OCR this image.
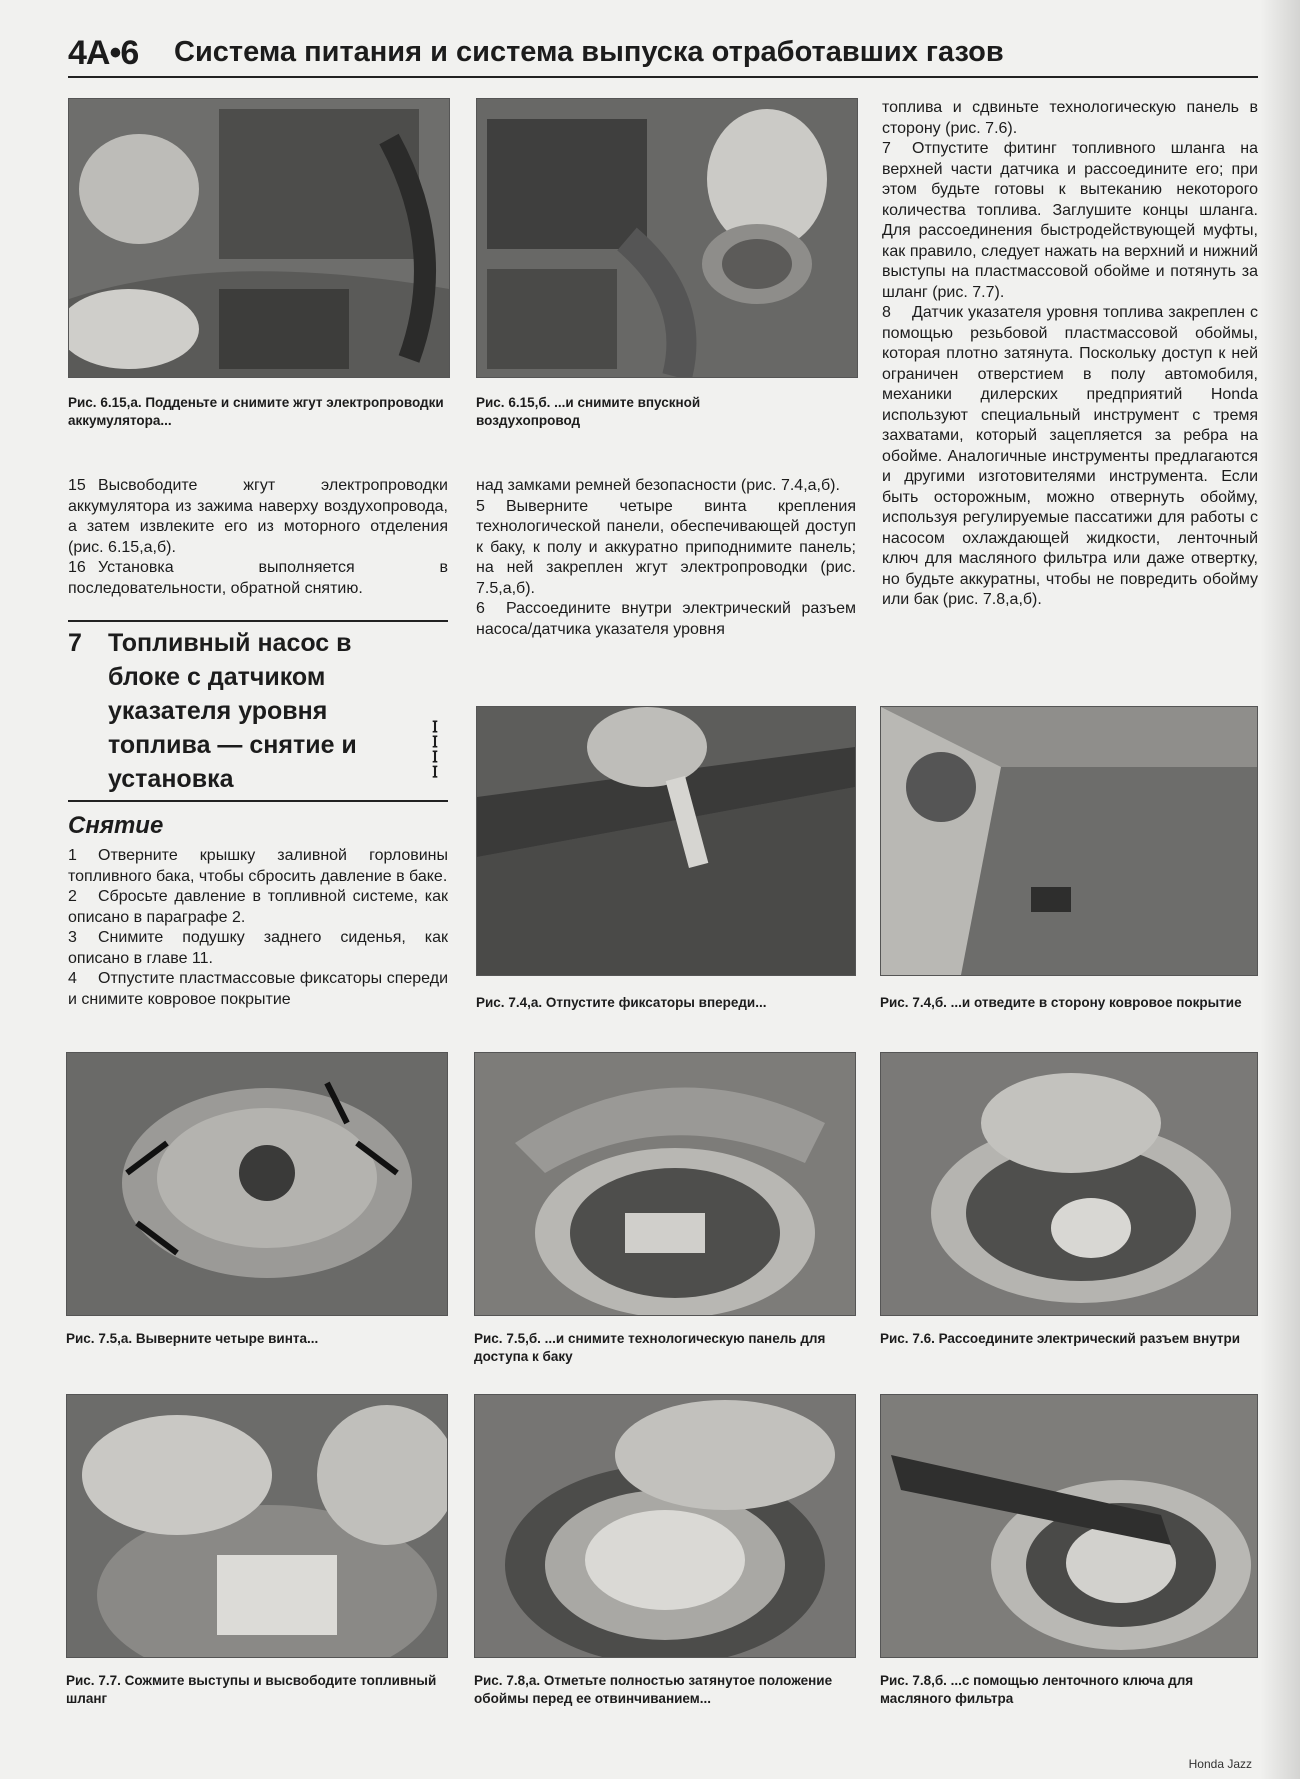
4A•6 Система питания и система выпуска отработавших газов
Рис. 6.15,а. Подденьте и снимите жгут электропроводки аккумулятора...
Рис. 6.15,б. ...и снимите впускной воздухопровод

15 Высвободите жгут электропроводки аккумулятора из зажима наверху воздухопровода, а затем извлеките его из моторного отделения (рис. 6.15,а,б).

16 Установка выполняется в последовательности, обратной снятию.

7	Топливный насос в блоке с датчиком указателя уровня топлива — снятие и установка	ꟷꟷꟷꟷ
Снятие

1 Отверните крышку заливной горловины топливного бака, чтобы сбросить давление в баке.

2 Сбросьте давление в топливной системе, как описано в параграфе 2.

3 Снимите подушку заднего сиденья, как описано в главе 11.

4 Отпустите пластмассовые фиксаторы спереди и снимите ковровое покрытие

над замками ремней безопасности (рис. 7.4,а,б).

5 Выверните четыре винта крепления технологической панели, обеспечивающей доступ к баку, к полу и аккуратно приподнимите панель; на ней закреплен жгут электропроводки (рис. 7.5,а,б).

6 Рассоедините внутри электрический разъем насоса/датчика указателя уровня

топлива и сдвиньте технологическую панель в сторону (рис. 7.6).

7 Отпустите фитинг топливного шланга на верхней части датчика и рассоедините его; при этом будьте готовы к вытеканию некоторого количества топлива. Заглушите концы шланга. Для рассоединения быстродействующей муфты, как правило, следует нажать на верхний и нижний выступы на пластмассовой обойме и потянуть за шланг (рис. 7.7).

8 Датчик указателя уровня топлива закреплен с помощью резьбовой пластмассовой обоймы, которая плотно затянута. Поскольку доступ к ней ограничен отверстием в полу автомобиля, механики дилерских предприятий Honda используют специальный инструмент с тремя захватами, который зацепляется за ребра на обойме. Аналогичные инструменты предлагаются и другими изготовителями инструмента. Если быть осторожным, можно отвернуть обойму, используя регулируемые пассатижи для работы с насосом охлаждающей жидкости, ленточный ключ для масляного фильтра или даже отвертку, но будьте аккуратны, чтобы не повредить обойму или бак (рис. 7.8,а,б).

Рис. 7.4,а. Отпустите фиксаторы впереди...	Рис. 7.4,б. ...и отведите в сторону ковровое покрытие
Рис. 7.5,а. Выверните четыре винта...	Рис. 7.5,б. ...и снимите технологическую панель для доступа к баку
Рис. 7.6. Рассоедините электрический разъем внутри
Рис. 7.7. Сожмите выступы и высвободите топливный шланг
Рис. 7.8,а. Отметьте полностью затянутое положение обоймы перед ее отвинчиванием...
Рис. 7.8,б. ...с помощью ленточного ключа для масляного фильтра
Honda Jazz
